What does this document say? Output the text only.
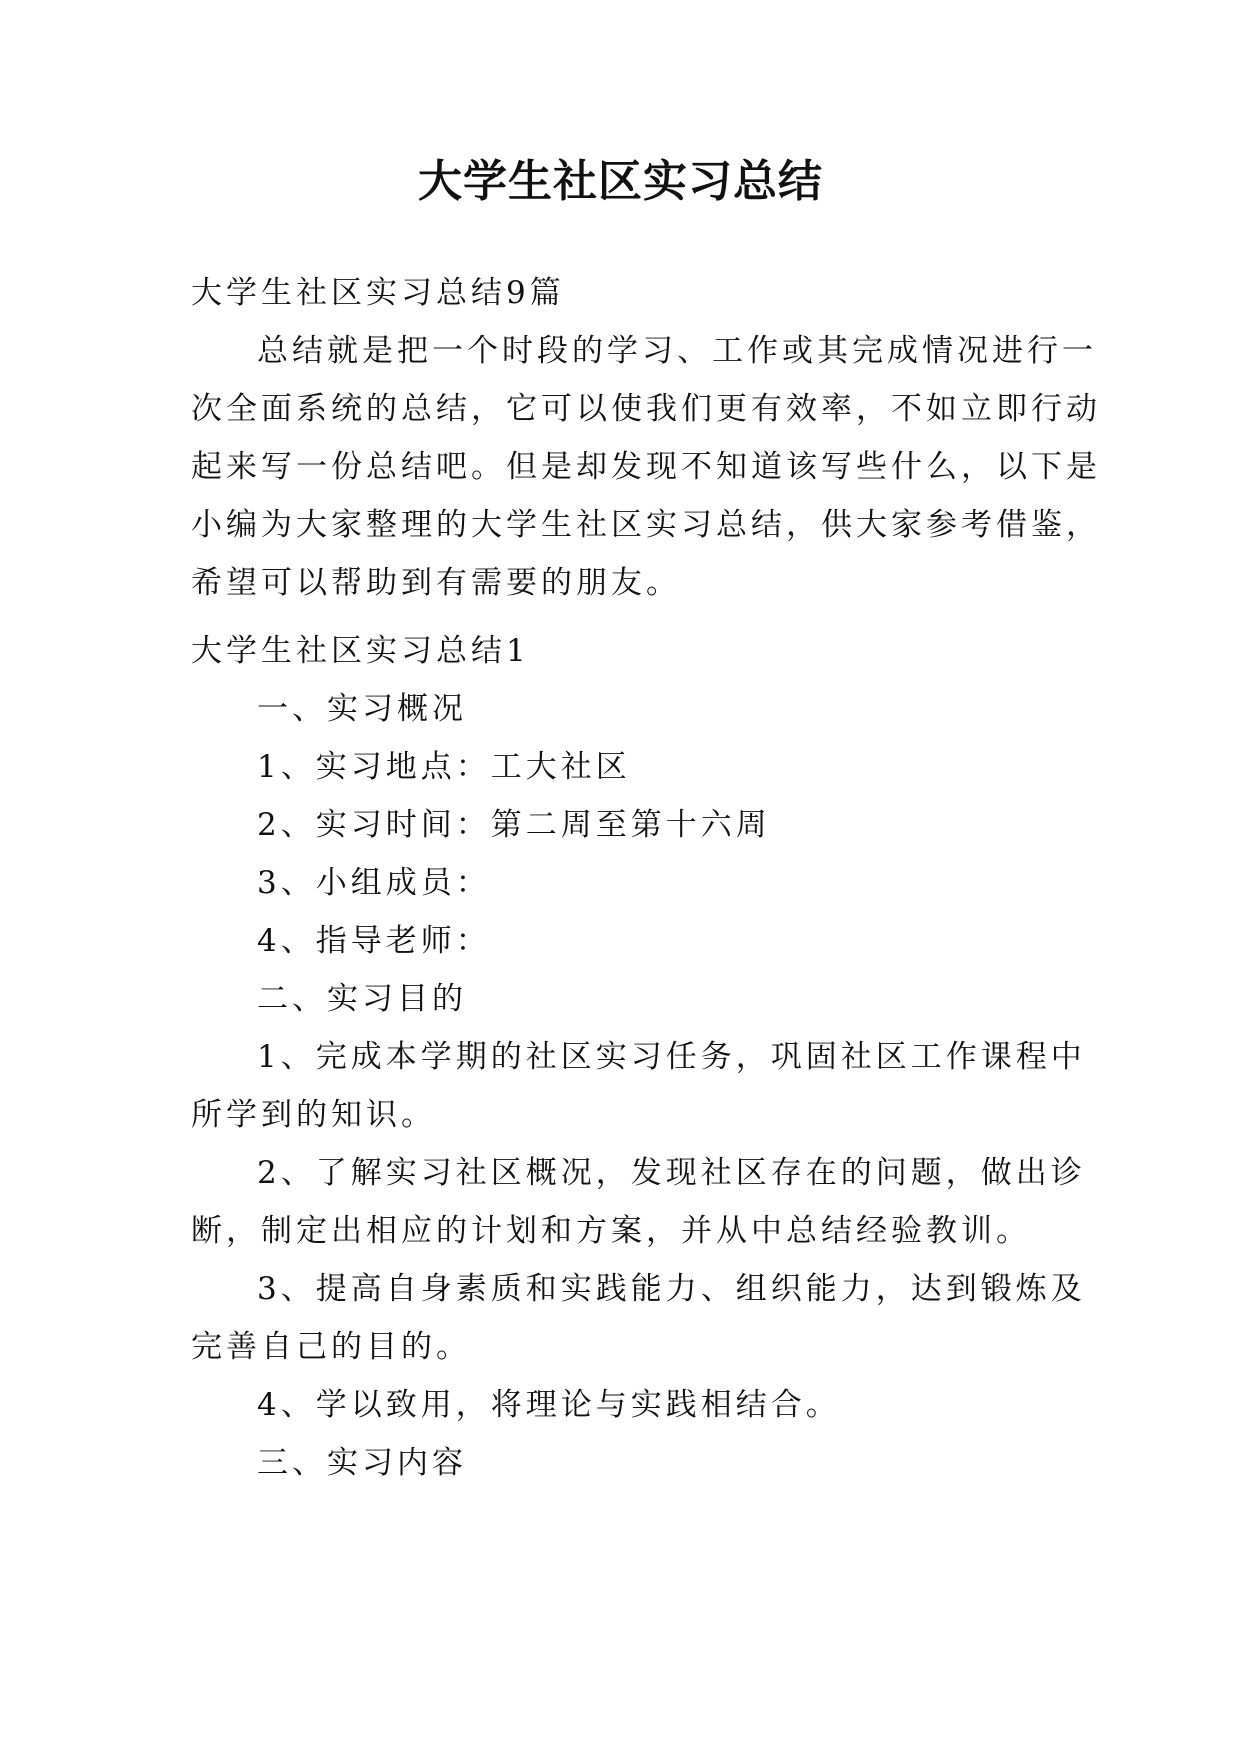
大学生社区实习总结
大学生社区实习总结9篇
总结就是把一个时段的学习、工作或其完成情况进行一
次全面系统的总结，它可以使我们更有效率，不如立即行动
起来写一份总结吧。但是却发现不知道该写些什么，以下是
小编为大家整理的大学生社区实习总结，供大家参考借鉴，
希望可以帮助到有需要的朋友。
大学生社区实习总结1
一、实习概况
1、实习地点：工大社区
2、实习时间：第二周至第十六周
3、小组成员：
4、指导老师：
二、实习目的
1、完成本学期的社区实习任务，巩固社区工作课程中
所学到的知识。
2、了解实习社区概况，发现社区存在的问题，做出诊
断，制定出相应的计划和方案，并从中总结经验教训。
3、提高自身素质和实践能力、组织能力，达到锻炼及
完善自己的目的。
4、学以致用，将理论与实践相结合。
三、实习内容
